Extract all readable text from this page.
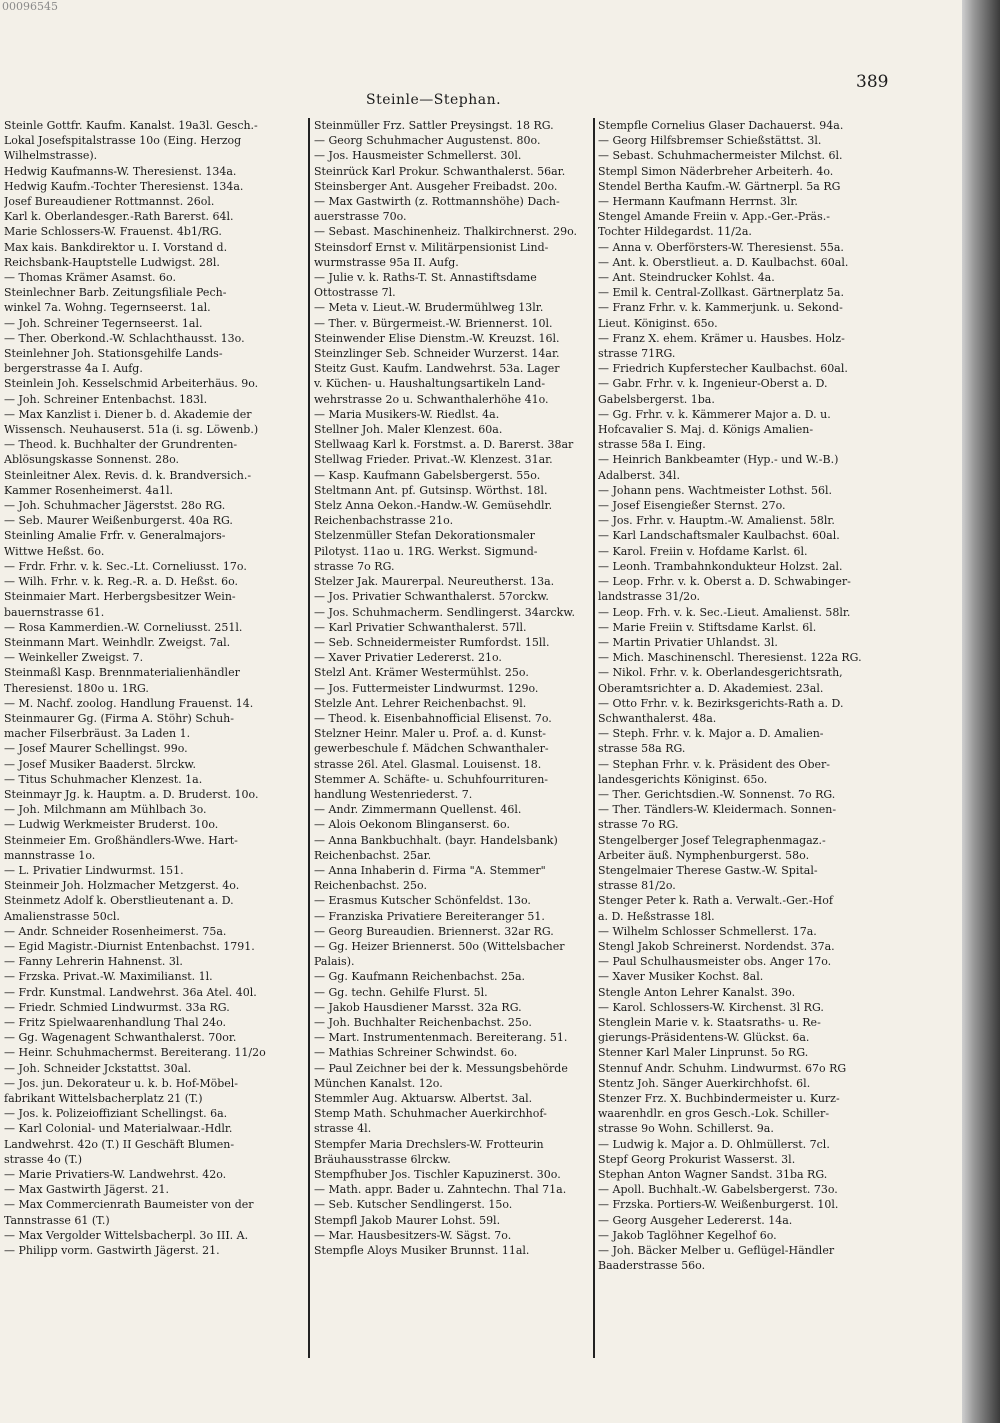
00096545
Steinle—Stephan.
389
Steinle Gottfr. Kaufm. Kanalst. 19a3l. Gesch.-
Lokal Josefspitalstrasse 10o (Eing. Herzog
Wilhelmstrasse).
Hedwig Kaufmanns-W. Theresienst. 134a.
Hedwig Kaufm.-Tochter Theresienst. 134a.
Josef Bureaudiener Rottmannst. 26ol.
Karl k. Oberlandesger.-Rath Barerst. 64l.
Marie Schlossers-W. Frauenst. 4b1/RG.
Max kais. Bankdirektor u. I. Vorstand d.
Reichsbank-Hauptstelle Ludwigst. 28l.
— Thomas Krämer Asamst. 6o.
Steinlechner Barb. Zeitungsfiliale Pech-
winkel 7a. Wohng. Tegernseerst. 1al.
— Joh. Schreiner Tegernseerst. 1al.
— Ther. Oberkond.-W. Schlachthausst. 13o.
Steinlehner Joh. Stationsgehilfe Lands-
bergerstrasse 4a I. Aufg.
Steinlein Joh. Kesselschmid Arbeiterhäus. 9o.
— Joh. Schreiner Entenbachst. 183l.
— Max Kanzlist i. Diener b. d. Akademie der
Wissensch. Neuhauserst. 51a (i. sg. Löwenb.)
— Theod. k. Buchhalter der Grundrenten-
Ablösungskasse Sonnenst. 28o.
Steinleitner Alex. Revis. d. k. Brandversich.-
Kammer Rosenheimerst. 4a1l.
— Joh. Schuhmacher Jägerstst. 28o RG.
— Seb. Maurer Weißenburgerst. 40a RG.
Steinling Amalie Frfr. v. Generalmajors-
Wittwe Heßst. 6o.
— Frdr. Frhr. v. k. Sec.-Lt. Corneliusst. 17o.
— Wilh. Frhr. v. k. Reg.-R. a. D. Heßst. 6o.
Steinmaier Mart. Herbergsbesitzer Wein-
bauernstrasse 61.
— Rosa Kammerdien.-W. Corneliusst. 251l.
Steinmann Mart. Weinhdlr. Zweigst. 7al.
— Weinkeller Zweigst. 7.
Steinmaßl Kasp. Brennmaterialienhändler
Theresienst. 180o u. 1RG.
— M. Nachf. zoolog. Handlung Frauenst. 14.
Steinmaurer Gg. (Firma A. Stöhr) Schuh-
macher Filserbräust. 3a Laden 1.
— Josef Maurer Schellingst. 99o.
— Josef Musiker Baaderst. 5lrckw.
— Titus Schuhmacher Klenzest. 1a.
Steinmayr Jg. k. Hauptm. a. D. Bruderst. 10o.
— Joh. Milchmann am Mühlbach 3o.
— Ludwig Werkmeister Bruderst. 10o.
Steinmeier Em. Großhändlers-Wwe. Hart-
mannstrasse 1o.
— L. Privatier Lindwurmst. 151.
Steinmeir Joh. Holzmacher Metzgerst. 4o.
Steinmetz Adolf k. Oberstlieutenant a. D.
Amalienstrasse 50cl.
— Andr. Schneider Rosenheimerst. 75a.
— Egid Magistr.-Diurnist Entenbachst. 1791.
— Fanny Lehrerin Hahnenst. 3l.
— Frzska. Privat.-W. Maximilianst. 1l.
— Frdr. Kunstmal. Landwehrst. 36a Atel. 40l.
— Friedr. Schmied Lindwurmst. 33a RG.
— Fritz Spielwaarenhandlung Thal 24o.
— Gg. Wagenagent Schwanthalerst. 70or.
— Heinr. Schuhmachermst. Bereiterang. 11/2o
— Joh. Schneider Jckstattst. 30al.
— Jos. jun. Dekorateur u. k. b. Hof-Möbel-
fabrikant Wittelsbacherplatz 21 (T.)
— Jos. k. Polizeioffiziant Schellingst. 6a.
— Karl Colonial- und Materialwaar.-Hdlr.
Landwehrst. 42o (T.) II Geschäft Blumen-
strasse 4o (T.)
— Marie Privatiers-W. Landwehrst. 42o.
— Max Gastwirth Jägerst. 21.
— Max Commercienrath Baumeister von der
Tannstrasse 61 (T.)
— Max Vergolder Wittelsbacherpl. 3o III. A.
— Philipp vorm. Gastwirth Jägerst. 21.
Steinmüller Frz. Sattler Preysingst. 18 RG.
— Georg Schuhmacher Augustenst. 80o.
— Jos. Hausmeister Schmellerst. 30l.
Steinrück Karl Prokur. Schwanthalerst. 56ar.
Steinsberger Ant. Ausgeher Freibadst. 20o.
— Max Gastwirth (z. Rottmannshöhe) Dach-
auerstrasse 70o.
— Sebast. Maschinenheiz. Thalkirchnerst. 29o.
Steinsdorf Ernst v. Militärpensionist Lind-
wurmstrasse 95a II. Aufg.
— Julie v. k. Raths-T. St. Annastiftsdame
Ottostrasse 7l.
— Meta v. Lieut.-W. Brudermühlweg 13lr.
— Ther. v. Bürgermeist.-W. Briennerst. 10l.
Steinwender Elise Dienstm.-W. Kreuzst. 16l.
Steinzlinger Seb. Schneider Wurzerst. 14ar.
Steitz Gust. Kaufm. Landwehrst. 53a. Lager
v. Küchen- u. Haushaltungsartikeln Land-
wehrstrasse 2o u. Schwanthalerhöhe 41o.
— Maria Musikers-W. Riedlst. 4a.
Stellner Joh. Maler Klenzest. 60a.
Stellwaag Karl k. Forstmst. a. D. Barerst. 38ar
Stellwag Frieder. Privat.-W. Klenzest. 31ar.
— Kasp. Kaufmann Gabelsbergerst. 55o.
Steltmann Ant. pf. Gutsinsp. Wörthst. 18l.
Stelz Anna Oekon.-Handw.-W. Gemüsehdlr.
Reichenbachstrasse 21o.
Stelzenmüller Stefan Dekorationsmaler
Pilotyst. 11ao u. 1RG. Werkst. Sigmund-
strasse 7o RG.
Stelzer Jak. Maurerpal. Neureutherst. 13a.
— Jos. Privatier Schwanthalerst. 57orckw.
— Jos. Schuhmacherm. Sendlingerst. 34arckw.
— Karl Privatier Schwanthalerst. 57ll.
— Seb. Schneidermeister Rumfordst. 15ll.
— Xaver Privatier Ledererst. 21o.
Stelzl Ant. Krämer Westermühlst. 25o.
— Jos. Futtermeister Lindwurmst. 129o.
Stelzle Ant. Lehrer Reichenbachst. 9l.
— Theod. k. Eisenbahnofficial Elisenst. 7o.
Stelzner Heinr. Maler u. Prof. a. d. Kunst-
gewerbeschule f. Mädchen Schwanthaler-
strasse 26l. Atel. Glasmal. Louisenst. 18.
Stemmer A. Schäfte- u. Schuhfourrituren-
handlung Westenriederst. 7.
— Andr. Zimmermann Quellenst. 46l.
— Alois Oekonom Blinganserst. 6o.
— Anna Bankbuchhalt. (bayr. Handelsbank)
Reichenbachst. 25ar.
— Anna Inhaberin d. Firma "A. Stemmer"
Reichenbachst. 25o.
— Erasmus Kutscher Schönfeldst. 13o.
— Franziska Privatiere Bereiteranger 51.
— Georg Bureaudien. Briennerst. 32ar RG.
— Gg. Heizer Briennerst. 50o (Wittelsbacher
Palais).
— Gg. Kaufmann Reichenbachst. 25a.
— Gg. techn. Gehilfe Flurst. 5l.
— Jakob Hausdiener Marsst. 32a RG.
— Joh. Buchhalter Reichenbachst. 25o.
— Mart. Instrumentenmach. Bereiterang. 51.
— Mathias Schreiner Schwindst. 6o.
— Paul Zeichner bei der k. Messungsbehörde
München Kanalst. 12o.
Stemmler Aug. Aktuarsw. Albertst. 3al.
Stemp Math. Schuhmacher Auerkirchhof-
strasse 4l.
Stempfer Maria Drechslers-W. Frotteurin
Bräuhausstrasse 6lrckw.
Stempfhuber Jos. Tischler Kapuzinerst. 30o.
— Math. appr. Bader u. Zahntechn. Thal 71a.
— Seb. Kutscher Sendlingerst. 15o.
Stempfl Jakob Maurer Lohst. 59l.
— Mar. Hausbesitzers-W. Sägst. 7o.
Stempfle Aloys Musiker Brunnst. 11al.
Stempfle Cornelius Glaser Dachauerst. 94a.
— Georg Hilfsbremser Schießstättst. 3l.
— Sebast. Schuhmachermeister Milchst. 6l.
Stempl Simon Näderbreher Arbeiterh. 4o.
Stendel Bertha Kaufm.-W. Gärtnerpl. 5a RG
— Hermann Kaufmann Herrnst. 3lr.
Stengel Amande Freiin v. App.-Ger.-Präs.-
Tochter Hildegardst. 11/2a.
— Anna v. Oberförsters-W. Theresienst. 55a.
— Ant. k. Oberstlieut. a. D. Kaulbachst. 60al.
— Ant. Steindrucker Kohlst. 4a.
— Emil k. Central-Zollkast. Gärtnerplatz 5a.
— Franz Frhr. v. k. Kammerjunk. u. Sekond-
Lieut. Königinst. 65o.
— Franz X. ehem. Krämer u. Hausbes. Holz-
strasse 71RG.
— Friedrich Kupferstecher Kaulbachst. 60al.
— Gabr. Frhr. v. k. Ingenieur-Oberst a. D.
Gabelsbergerst. 1ba.
— Gg. Frhr. v. k. Kämmerer Major a. D. u.
Hofcavalier S. Maj. d. Königs Amalien-
strasse 58a I. Eing.
— Heinrich Bankbeamter (Hyp.- und W.-B.)
Adalberst. 34l.
— Johann pens. Wachtmeister Lothst. 56l.
— Josef Eisengießer Sternst. 27o.
— Jos. Frhr. v. Hauptm.-W. Amalienst. 58lr.
— Karl Landschaftsmaler Kaulbachst. 60al.
— Karol. Freiin v. Hofdame Karlst. 6l.
— Leonh. Trambahnkondukteur Holzst. 2al.
— Leop. Frhr. v. k. Oberst a. D. Schwabinger-
landstrasse 31/2o.
— Leop. Frh. v. k. Sec.-Lieut. Amalienst. 58lr.
— Marie Freiin v. Stiftsdame Karlst. 6l.
— Martin Privatier Uhlandst. 3l.
— Mich. Maschinenschl. Theresienst. 122a RG.
— Nikol. Frhr. v. k. Oberlandesgerichtsrath,
Oberamtsrichter a. D. Akademiest. 23al.
— Otto Frhr. v. k. Bezirksgerichts-Rath a. D.
Schwanthalerst. 48a.
— Steph. Frhr. v. k. Major a. D. Amalien-
strasse 58a RG.
— Stephan Frhr. v. k. Präsident des Ober-
landesgerichts Königinst. 65o.
— Ther. Gerichtsdien.-W. Sonnenst. 7o RG.
— Ther. Tändlers-W. Kleidermach. Sonnen-
strasse 7o RG.
Stengelberger Josef Telegraphenmagaz.-
Arbeiter äuß. Nymphenburgerst. 58o.
Stengelmaier Therese Gastw.-W. Spital-
strasse 81/2o.
Stenger Peter k. Rath a. Verwalt.-Ger.-Hof
a. D. Heßstrasse 18l.
— Wilhelm Schlosser Schmellerst. 17a.
Stengl Jakob Schreinerst. Nordendst. 37a.
— Paul Schulhausmeister obs. Anger 17o.
— Xaver Musiker Kochst. 8al.
Stengle Anton Lehrer Kanalst. 39o.
— Karol. Schlossers-W. Kirchenst. 3l RG.
Stenglein Marie v. k. Staatsraths- u. Re-
gierungs-Präsidentens-W. Glückst. 6a.
Stenner Karl Maler Linprunst. 5o RG.
Stennuf Andr. Schuhm. Lindwurmst. 67o RG
Stentz Joh. Sänger Auerkirchhofst. 6l.
Stenzer Frz. X. Buchbindermeister u. Kurz-
waarenhdlr. en gros Gesch.-Lok. Schiller-
strasse 9o Wohn. Schillerst. 9a.
— Ludwig k. Major a. D. Ohlmüllerst. 7cl.
Stepf Georg Prokurist Wasserst. 3l.
Stephan Anton Wagner Sandst. 31ba RG.
— Apoll. Buchhalt.-W. Gabelsbergerst. 73o.
— Frzska. Portiers-W. Weißenburgerst. 10l.
— Georg Ausgeher Ledererst. 14a.
— Jakob Taglöhner Kegelhof 6o.
— Joh. Bäcker Melber u. Geflügel-Händler
Baaderstrasse 56o.
